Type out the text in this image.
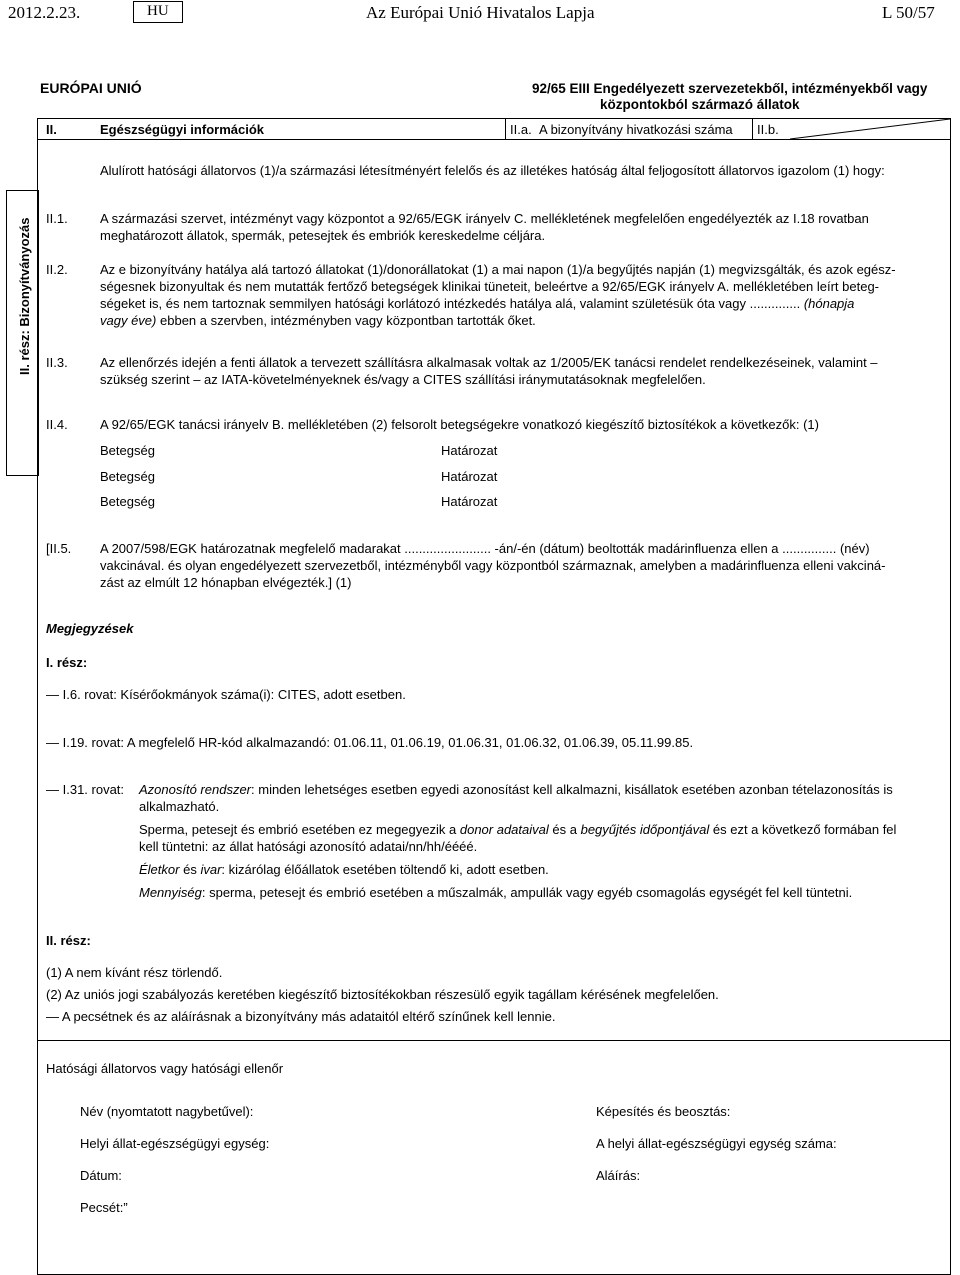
2012.2.23.	HU	Az Európai Unió Hivatalos Lapja	L 50/57
EURÓPAI UNIÓ	92/65 EIII Engedélyezett szervezetekből, intézményekből vagy
központokból származó állatok
II.	Egészségügyi információk	II.a. A bizonyítvány hivatkozási száma II.b.
Alulírott hatósági állatorvos (1)/a származási létesítményért felelős és az illetékes hatóság által feljogosított állatorvos igazolom (1) hogy:
II. rész: Bizonyítványozás	II.1. A származási szervet, intézményt vagy központot a 92/65/EGK irányelv C. mellékletének megfelelően engedélyezték az I.18 rovatban
meghatározott állatok, spermák, petesejtek és embriók kereskedelme céljára.
II.2. Az e bizonyítvány hatálya alá tartozó állatokat (1)/donorállatokat (1) a mai napon (1)/a begyűjtés napján (1) megvizsgálták, és azok egész-
ségesnek bizonyultak és nem mutatták fertőző betegségek klinikai tüneteit, beleértve a 92/65/EGK irányelv A. mellékletében leírt beteg-
ségeket is, és nem tartoznak semmilyen hatósági korlátozó intézkedés hatálya alá, valamint születésük óta vagy .............. (hónapja
vagy éve) ebben a szervben, intézményben vagy központban tartották őket.
II.3. Az ellenőrzés idején a fenti állatok a tervezett szállításra alkalmasak voltak az 1/2005/EK tanácsi rendelet rendelkezéseinek, valamint –
szükség szerint – az IATA-követelményeknek és/vagy a CITES szállítási iránymutatásoknak megfelelően.
II.4. A 92/65/EGK tanácsi irányelv B. mellékletében (2) felsorolt betegségekre vonatkozó kiegészítő biztosítékok a következők: (1)
Betegség	Határozat
Betegség	Határozat
Betegség	Határozat
[II.5. A 2007/598/EGK határozatnak megfelelő madarakat ........................ -án/-én (dátum) beoltották madárinfluenza ellen a ............... (név)
vakcinával. és olyan engedélyezett szervezetből, intézményből vagy központból származnak, amelyben a madárinfluenza elleni vakciná-
zást az elmúlt 12 hónapban elvégezték.] (1)
Megjegyzések
I. rész:
— I.6. rovat: Kísérőokmányok száma(i): CITES, adott esetben.
— I.19. rovat: A megfelelő HR-kód alkalmazandó: 01.06.11, 01.06.19, 01.06.31, 01.06.32, 01.06.39, 05.11.99.85.
— I.31. rovat: Azonosító rendszer: minden lehetséges esetben egyedi azonosítást kell alkalmazni, kisállatok esetében azonban tételazonosítás is
alkalmazható.
Sperma, petesejt és embrió esetében ez megegyezik a donor adataival és a begyűjtés időpontjával és ezt a következő formában fel
kell tüntetni: az állat hatósági azonosító adatai/nn/hh/éééé.
Életkor és ivar: kizárólag élőállatok esetében töltendő ki, adott esetben.
Mennyiség: sperma, petesejt és embrió esetében a műszalmák, ampullák vagy egyéb csomagolás egységét fel kell tüntetni.
II. rész:
(1) A nem kívánt rész törlendő.
(2) Az uniós jogi szabályozás keretében kiegészítő biztosítékokban részesülő egyik tagállam kérésének megfelelően.
— A pecsétnek és az aláírásnak a bizonyítvány más adataitól eltérő színűnek kell lennie.
Hatósági állatorvos vagy hatósági ellenőr
Név (nyomtatott nagybetűvel):	Képesítés és beosztás:
Helyi állat-egészségügyi egység:	A helyi állat-egészségügyi egység száma:
Dátum:	Aláírás:
Pecsét:”
